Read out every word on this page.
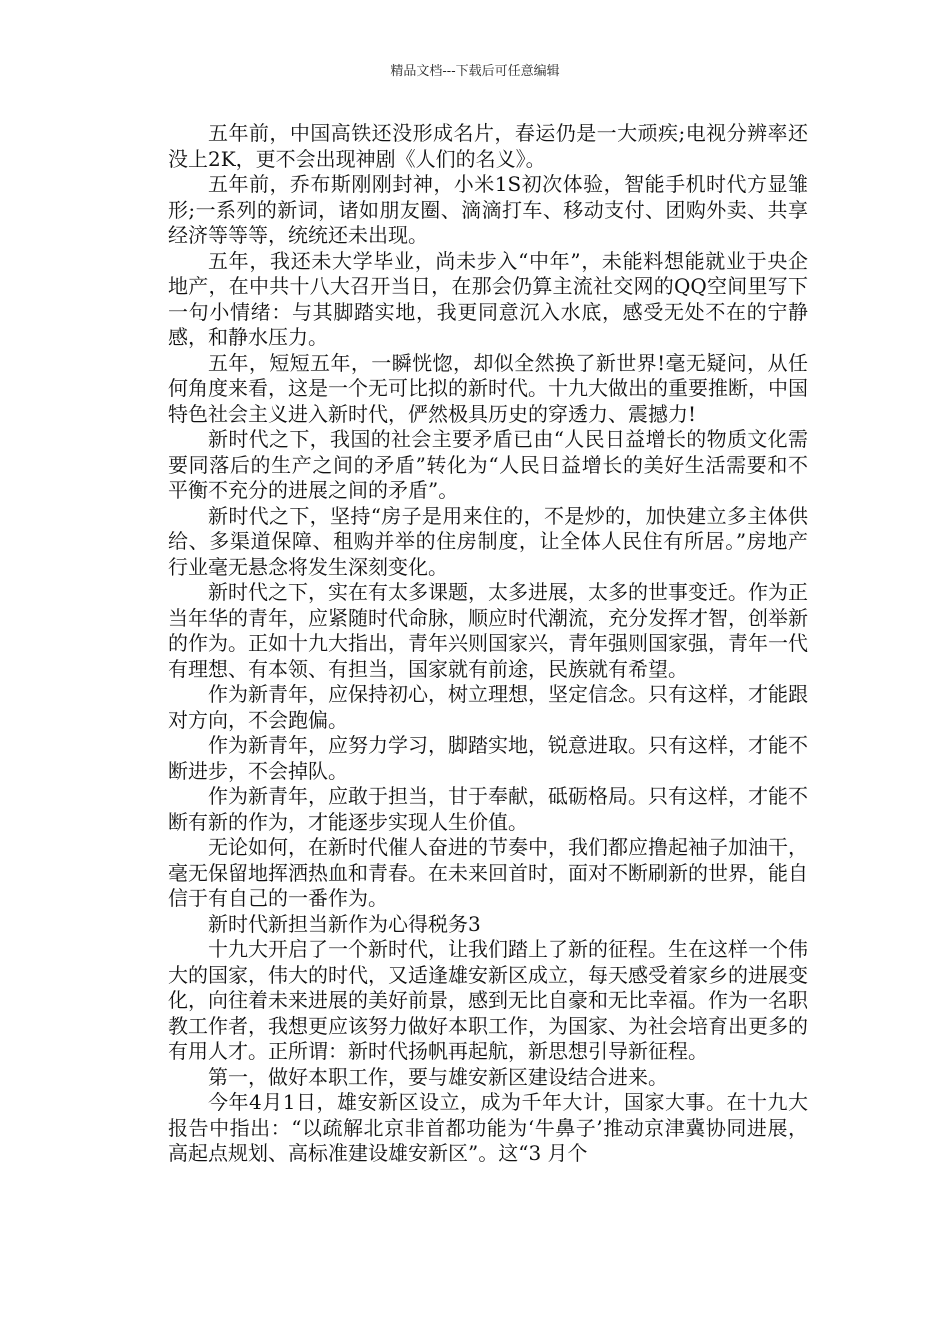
精品文档---下载后可任意编辑

五年前，中国高铁还没形成名片，春运仍是一大顽疾;电视分辨率还没上2K，更不会出现神剧《人们的名义》。

五年前，乔布斯刚刚封神，小米1S初次体验，智能手机时代方显雏形;一系列的新词，诸如朋友圈、滴滴打车、移动支付、团购外卖、共享经济等等等，统统还未出现。

五年，我还未大学毕业，尚未步入“中年”，未能料想能就业于央企地产，在中共十八大召开当日，在那会仍算主流社交网的QQ空间里写下一句小情绪：与其脚踏实地，我更同意沉入水底，感受无处不在的宁静感，和静水压力。

五年，短短五年，一瞬恍惚，却似全然换了新世界!毫无疑问，从任何角度来看，这是一个无可比拟的新时代。十九大做出的重要推断，中国特色社会主义进入新时代，俨然极具历史的穿透力、震撼力!

新时代之下，我国的社会主要矛盾已由“人民日益增长的物质文化需要同落后的生产之间的矛盾”转化为“人民日益增长的美好生活需要和不平衡不充分的进展之间的矛盾”。

新时代之下，坚持“房子是用来住的，不是炒的，加快建立多主体供给、多渠道保障、租购并举的住房制度，让全体人民住有所居。”房地产行业毫无悬念将发生深刻变化。

新时代之下，实在有太多课题，太多进展，太多的世事变迁。作为正当年华的青年，应紧随时代命脉，顺应时代潮流，充分发挥才智，创举新的作为。正如十九大指出，青年兴则国家兴，青年强则国家强，青年一代有理想、有本领、有担当，国家就有前途，民族就有希望。

作为新青年，应保持初心，树立理想，坚定信念。只有这样，才能跟对方向，不会跑偏。

作为新青年，应努力学习，脚踏实地，锐意进取。只有这样，才能不断进步，不会掉队。

作为新青年，应敢于担当，甘于奉献，砥砺格局。只有这样，才能不断有新的作为，才能逐步实现人生价值。

无论如何，在新时代催人奋进的节奏中，我们都应撸起袖子加油干，毫无保留地挥洒热血和青春。在未来回首时，面对不断刷新的世界，能自信于有自己的一番作为。

新时代新担当新作为心得税务3

十九大开启了一个新时代，让我们踏上了新的征程。生在这样一个伟大的国家，伟大的时代，又适逢雄安新区成立，每天感受着家乡的进展变化，向往着未来进展的美好前景，感到无比自豪和无比幸福。作为一名职教工作者，我想更应该努力做好本职工作，为国家、为社会培育出更多的有用人才。正所谓：新时代扬帆再起航，新思想引导新征程。

第一，做好本职工作，要与雄安新区建设结合进来。

今年4月1日，雄安新区设立，成为千年大计，国家大事。在十九大报告中指出：“以疏解北京非首都功能为‘牛鼻子’推动京津冀协同进展，高起点规划、高标准建设雄安新区”。这“3 月个
